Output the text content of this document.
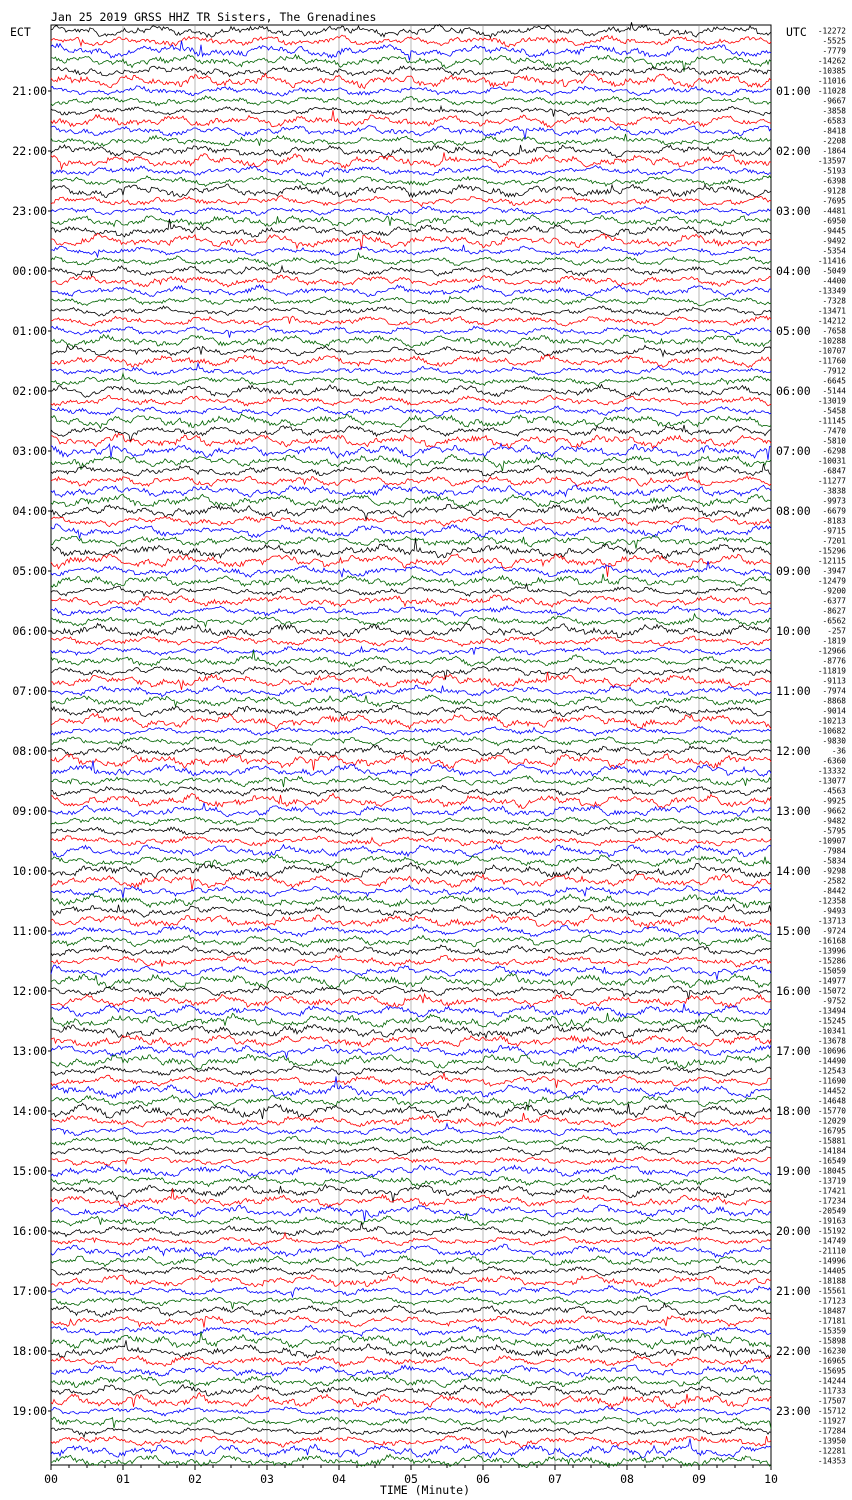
Jan 25 2019 GRSS HHZ TR Sisters, The Grenadines
ECT	UTC -12272
-5525
-7779
-14262
-10385
-11016
-11028
-9667
-3858
-6583
-8418
-2208
-1864
-13597
-5193
-6398
-9128
-7695
-4481
-6950
-9445
-9492
-5354
-11416
-5049
-4400
-13349
-7328
-13471
-14212
-7658
-10288
-10707
-11760
-7912
-6645
-5144
-13019
-5458
-11145
-7470
-5810
-6298
-10031
-6847
-11277
-3838
-9973
-6679
-8183
-9715
-7201
-15296
-12115
-3947
-12479
-9200
-6377
-8627
-6562
-257
-1819
-12966
-8776
-11819
-9113
-7974
-8868
-9014
-10213
-10682
-9830
-36
-6360
-13332
-13077
-4563
-9925
-9662
-9482
-5795
-10907
-7984
-5834
-9298
-2582
-8442
-12358
-9493
-13713
-9724
-16168
-13996
-15286
-15059
-14977
-15072
-9752
-13494
-15245
-10341
-13678
-10696
-14490
-12543
-11690
-14452
-14648
-15770
-12029
-16795
-15881
-14184
-16549
-18045
-13719
-17421
-17234
-20549
-19163
-15192
-14749
-21110
-14996
-14405
-18188
-15561
-17123
-18487
-17181
-15359
-15898
-16230
-16965
-15695
-14244
-11733
-17507
-15712
-11927
-17284
-13950
-12281
-14353
21:00
22:00
23:00
00:00
01:00
02:00
03:00
04:00
05:00
06:00
07:00
08:00
09:00
10:00
11:00
12:00
13:00
14:00
15:00
16:00
17:00
18:00
19:00
01:00
02:00
03:00
04:00
05:00
06:00
07:00
08:00
09:00
10:00
11:00
12:00
13:00
14:00
15:00
16:00
17:00
18:00
19:00
20:00
21:00
22:00
23:00
00	01	02	03	04	05	06	07	08	09	10
TIME (Minute)
